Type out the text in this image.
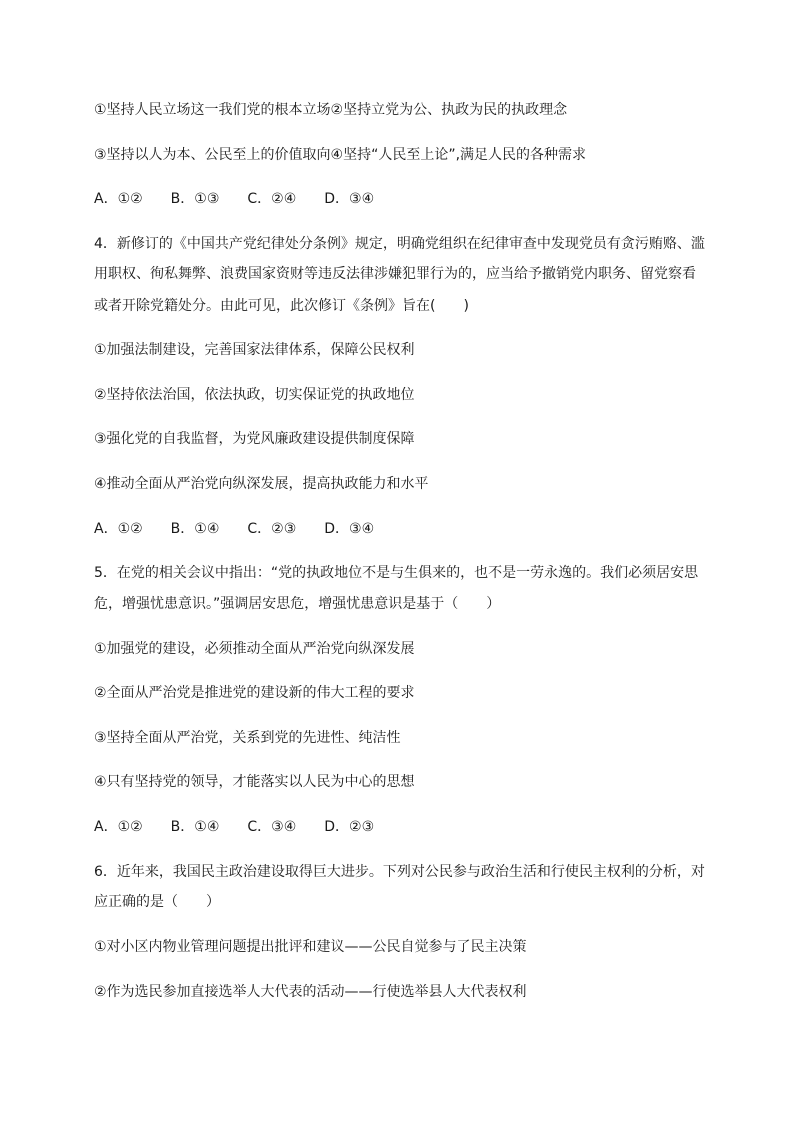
①坚持人民立场这一我们党的根本立场②坚持立党为公、执政为民的执政理念
③坚持以人为本、公民至上的价值取向④坚持“人民至上论”,满足人民的各种需求
A．①②　　B．①③　　C．②④　　D．③④
4．新修订的《中国共产党纪律处分条例》规定，明确党组织在纪律审查中发现党员有贪污贿赂、滥
用职权、徇私舞弊、浪费国家资财等违反法律涉嫌犯罪行为的，应当给予撤销党内职务、留党察看
或者开除党籍处分。由此可见，此次修订《条例》旨在(　　)
①加强法制建设，完善国家法律体系，保障公民权利
②坚持依法治国，依法执政，切实保证党的执政地位
③强化党的自我监督，为党风廉政建设提供制度保障
④推动全面从严治党向纵深发展，提高执政能力和水平
A．①②　　B．①④　　C．②③　　D．③④
5．在党的相关会议中指出：“党的执政地位不是与生俱来的，也不是一劳永逸的。我们必须居安思
危，增强忧患意识。”强调居安思危，增强忧患意识是基于（　　）
①加强党的建设，必须推动全面从严治党向纵深发展
②全面从严治党是推进党的建设新的伟大工程的要求
③坚持全面从严治党，关系到党的先进性、纯洁性
④只有坚持党的领导，才能落实以人民为中心的思想
A．①②　　B．①④　　C．③④　　D．②③
6．近年来，我国民主政治建设取得巨大进步。下列对公民参与政治生活和行使民主权利的分析，对
应正确的是（　　）
①对小区内物业管理问题提出批评和建议——公民自觉参与了民主决策
②作为选民参加直接选举人大代表的活动——行使选举县人大代表权利
